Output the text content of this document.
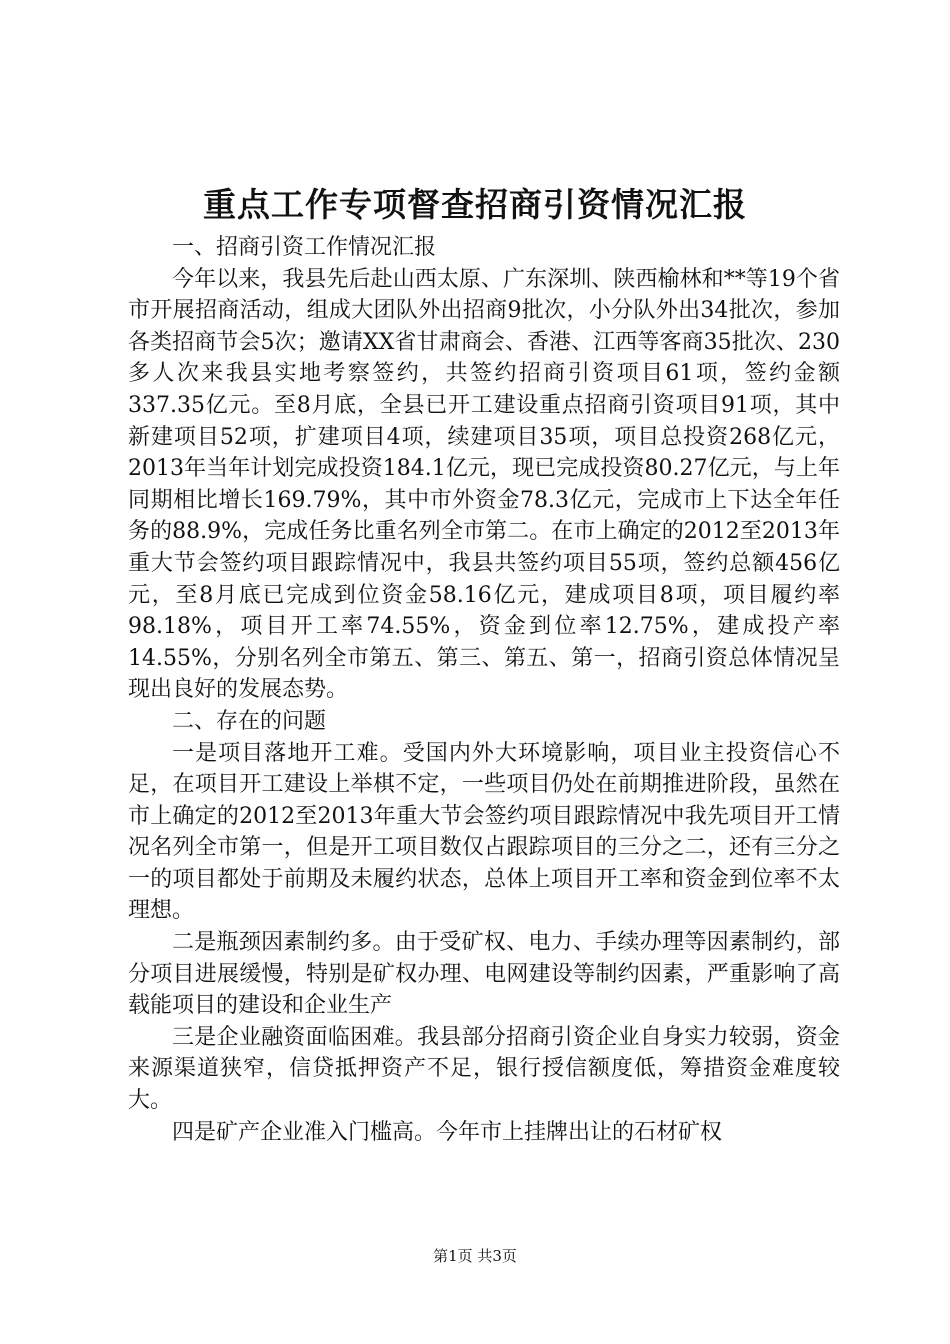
重点工作专项督查招商引资情况汇报

一、招商引资工作情况汇报

今年以来，我县先后赴山西太原、广东深圳、陕西榆林和**等19个省市开展招商活动，组成大团队外出招商9批次，小分队外出34批次，参加各类招商节会5次；邀请XX省甘肃商会、香港、江西等客商35批次、230多人次来我县实地考察签约，共签约招商引资项目61项，签约金额337.35亿元。至8月底，全县已开工建设重点招商引资项目91项，其中新建项目52项，扩建项目4项，续建项目35项，项目总投资268亿元，2013年当年计划完成投资184.1亿元，现已完成投资80.27亿元，与上年同期相比增长169.79%，其中市外资金78.3亿元，完成市上下达全年任务的88.9%，完成任务比重名列全市第二。在市上确定的2012至2013年重大节会签约项目跟踪情况中，我县共签约项目55项，签约总额456亿元，至8月底已完成到位资金58.16亿元，建成项目8项，项目履约率98.18%，项目开工率74.55%，资金到位率12.75%，建成投产率14.55%，分别名列全市第五、第三、第五、第一，招商引资总体情况呈现出良好的发展态势。

二、存在的问题

一是项目落地开工难。受国内外大环境影响，项目业主投资信心不足，在项目开工建设上举棋不定，一些项目仍处在前期推进阶段，虽然在市上确定的2012至2013年重大节会签约项目跟踪情况中我先项目开工情况名列全市第一，但是开工项目数仅占跟踪项目的三分之二，还有三分之一的项目都处于前期及未履约状态，总体上项目开工率和资金到位率不太理想。

二是瓶颈因素制约多。由于受矿权、电力、手续办理等因素制约，部分项目进展缓慢，特别是矿权办理、电网建设等制约因素，严重影响了高载能项目的建设和企业生产

三是企业融资面临困难。我县部分招商引资企业自身实力较弱，资金来源渠道狭窄，信贷抵押资产不足，银行授信额度低，筹措资金难度较大。

四是矿产企业准入门槛高。今年市上挂牌出让的石材矿权

第1页 共3页
